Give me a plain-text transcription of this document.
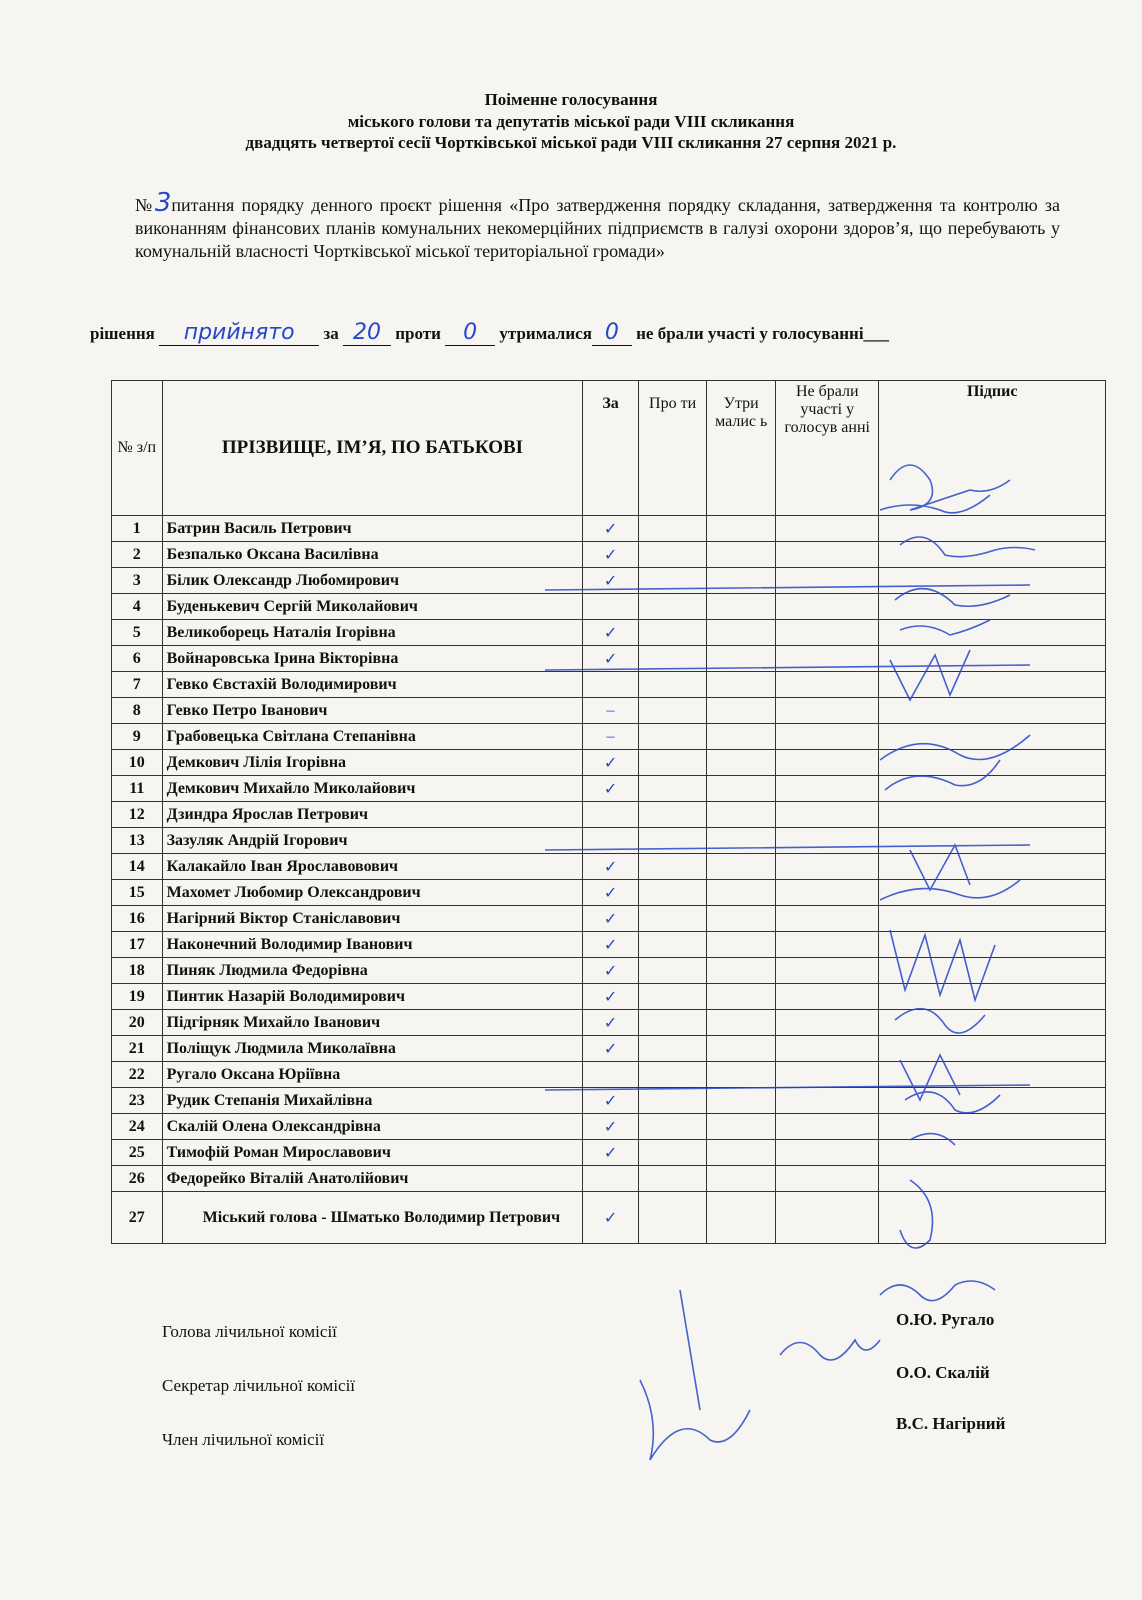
Поіменне голосування
міського голови та депутатів міської ради VIII скликання
двадцять четвертої сесії Чортківської міської ради VIII скликання 27 серпня 2021 р.
№3питання порядку денного проєкт рішення «Про затвердження порядку складання, затвердження та контролю за виконанням фінансових планів комунальних некомерційних підприємств в галузі охорони здоров’я, що перебувають у комунальній власності Чортківської міської територіальної громади»
рішення прийнято за 20 проти 0 утрималися 0 не брали участі у голосуванні___
№ з/п	ПРІЗВИЩЕ, ІМ’Я, ПО БАТЬКОВІ	За	Про ти	Утри малис ь	Не брали участі у голосув анні	Підпис
1	Батрин Василь Петрович	✓				
2	Безпалько Оксана Василівна	✓				
3	Білик Олександр Любомирович	✓				
4	Буденькевич Сергій Миколайович					
5	Великоборець Наталія Ігорівна	✓				
6	Войнаровська Ірина Вікторівна	✓				
7	Гевко Євстахій Володимирович					
8	Гевко Петро Іванович	–				
9	Грабовецька Світлана Степанівна	–				
10	Демкович Лілія Ігорівна	✓				
11	Демкович Михайло Миколайович	✓				
12	Дзиндра Ярослав Петрович					
13	Зазуляк Андрій Ігорович					
14	Калакайло Іван Ярославовович	✓				
15	Махомет Любомир Олександрович	✓				
16	Нагірний Віктор Станіславович	✓				
17	Наконечний Володимир Іванович	✓				
18	Пиняк Людмила Федорівна	✓				
19	Пинтик Назарій Володимирович	✓				
20	Підгірняк Михайло Іванович	✓				
21	Поліщук Людмила Миколаївна	✓				
22	Ругало Оксана Юріївна					
23	Рудик Степанія Михайлівна	✓				
24	Скалій Олена Олександрівна	✓				
25	Тимофій Роман Мирославович	✓				
26	Федорейко Віталій Анатолійович					
27	Міський голова - Шматько Володимир Петрович	✓				
Голова лічильної комісії
О.Ю. Ругало
Секретар лічильної комісії
О.О. Скалій
Член лічильної комісії
В.С. Нагірний
